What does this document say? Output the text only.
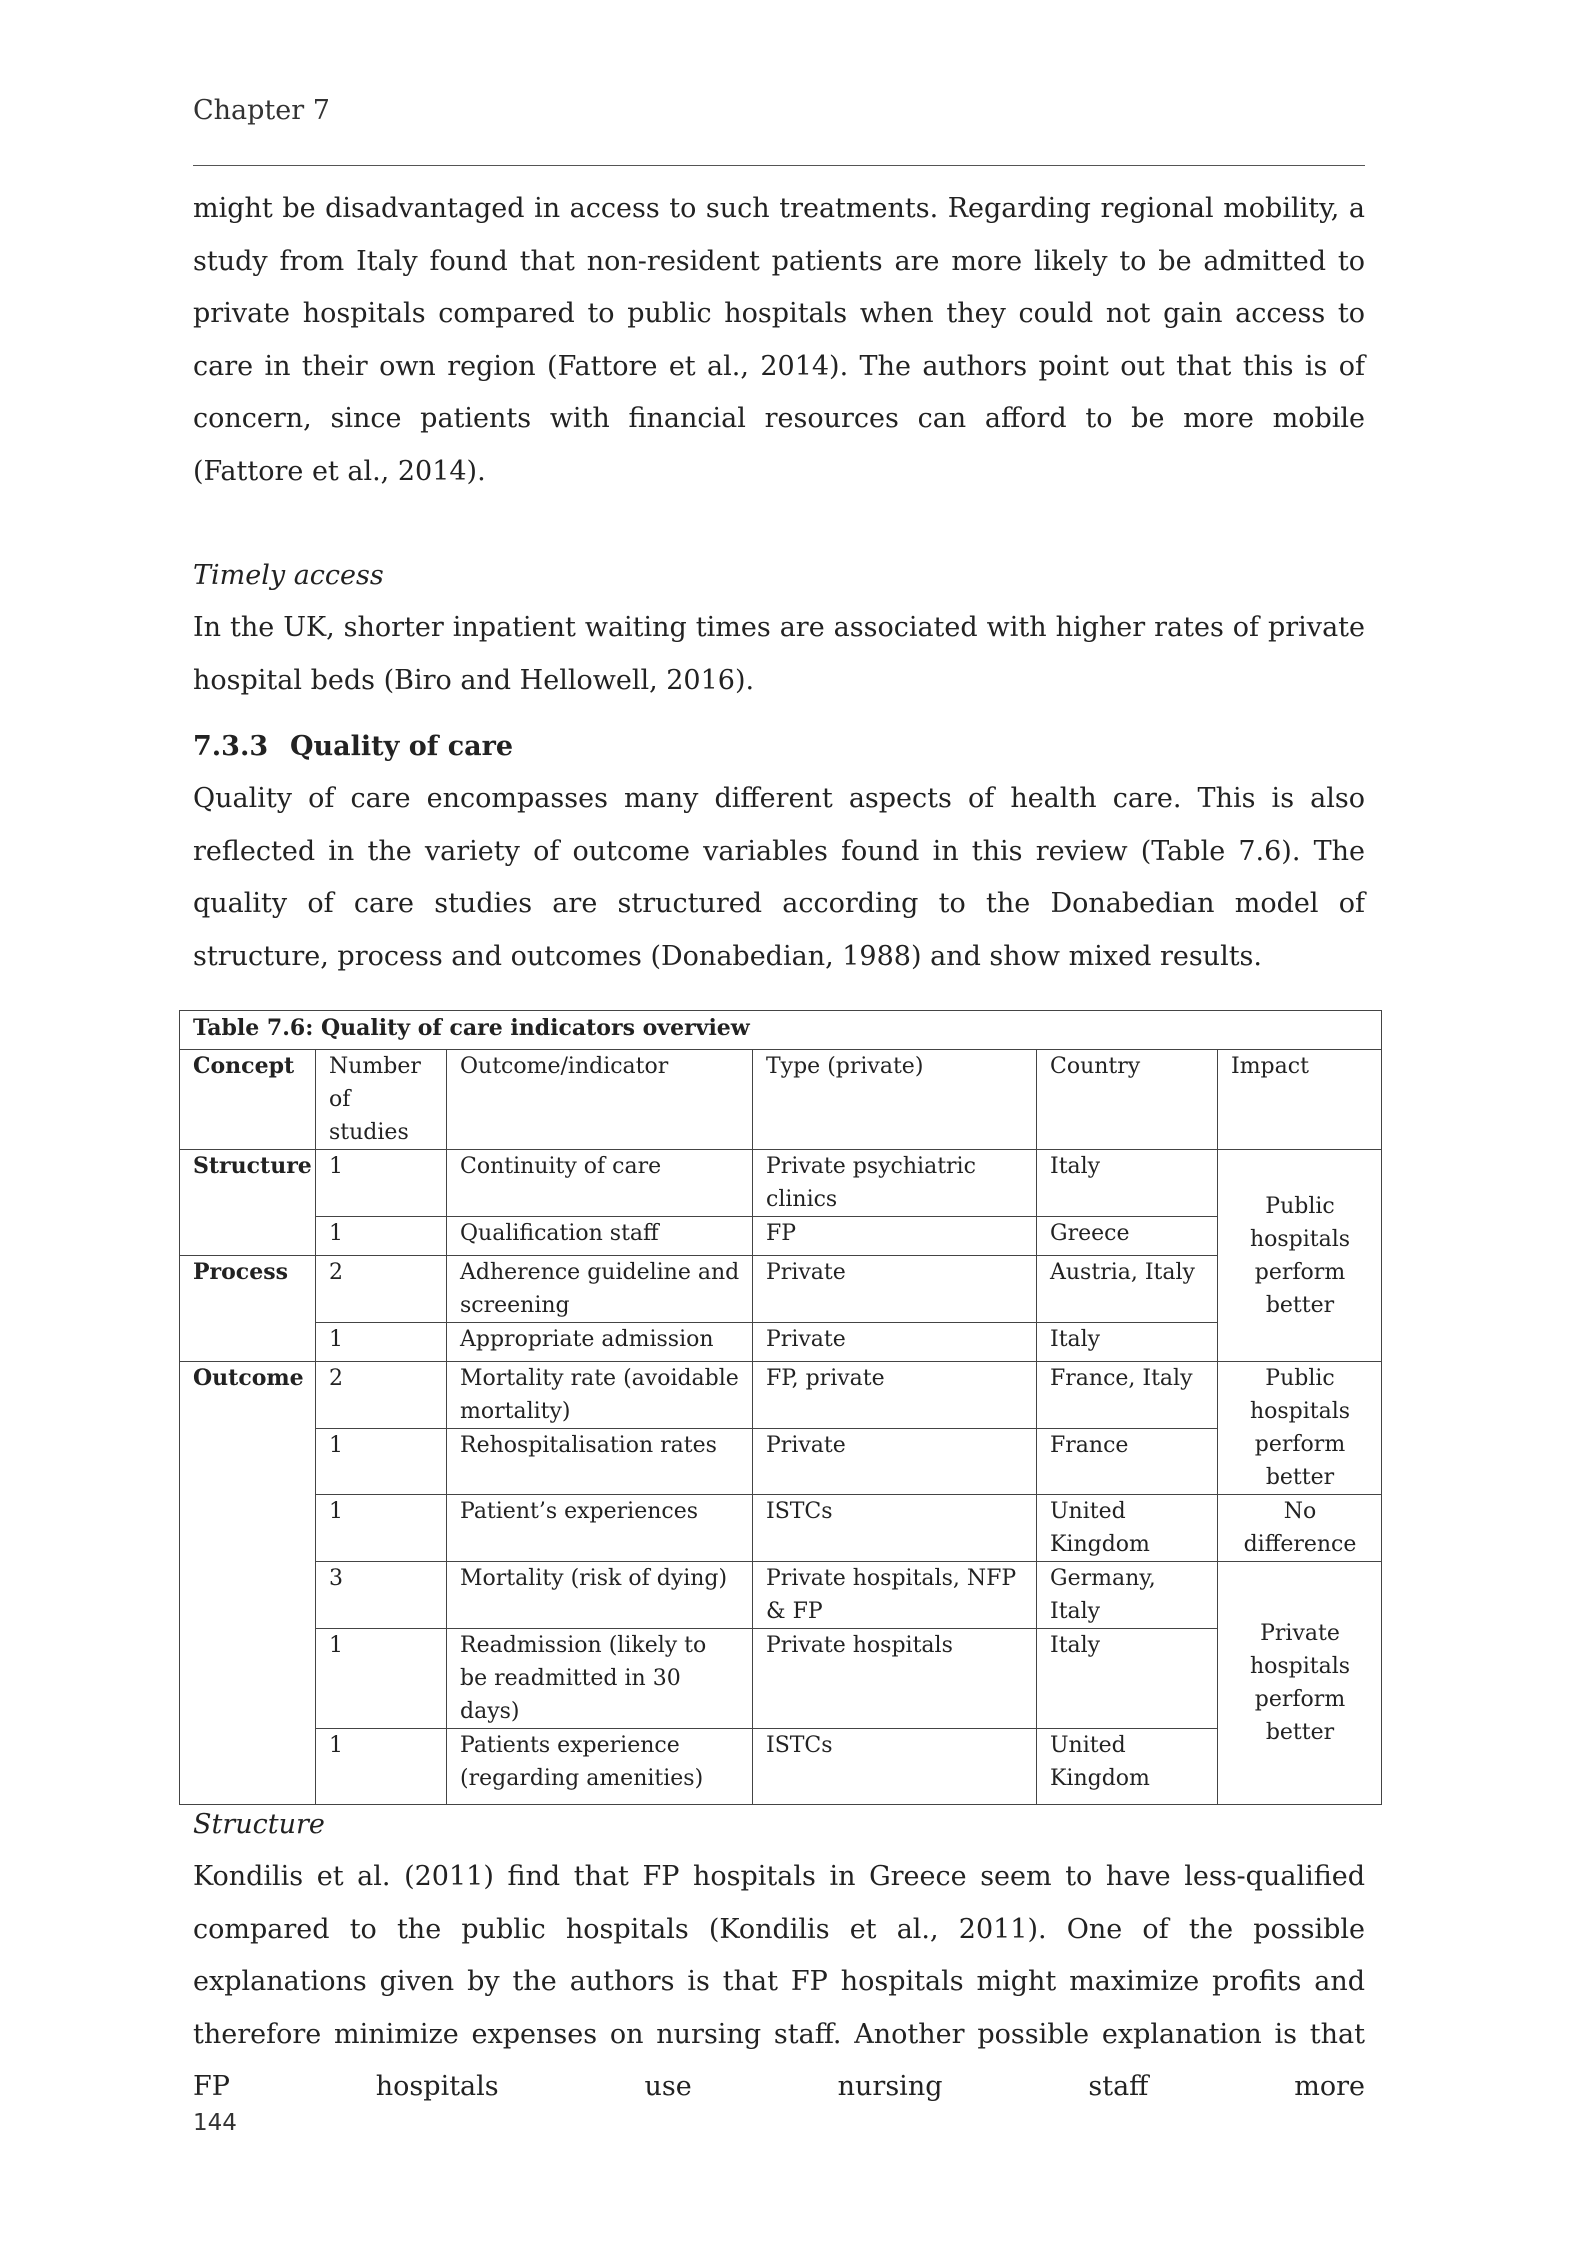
Chapter 7

might be disadvantaged in access to such treatments. Regarding regional mobility, a study from Italy found that non-resident patients are more likely to be admitted to private hospitals compared to public hospitals when they could not gain access to care in their own region (Fattore et al., 2014). The authors point out that this is of concern, since patients with financial resources can afford to be more mobile (Fattore et al., 2014).

Timely access

In the UK, shorter inpatient waiting times are associated with higher rates of private hospital beds (Biro and Hellowell, 2016).

7.3.3 Quality of care

Quality of care encompasses many different aspects of health care. This is also reflected in the variety of outcome variables found in this review (Table 7.6). The quality of care studies are structured according to the Donabedian model of structure, process and outcomes (Donabedian, 1988) and show mixed results.

Table 7.6: Quality of care indicators overview					
Concept	Number of studies	Outcome/indicator	Type (private)	Country	Impact
Structure	1	Continuity of care	Private psychiatric clinics	Italy	Public hospitals perform better
	1	Qualification staff	FP	Greece	
Process	2	Adherence guideline and screening	Private	Austria, Italy	
	1	Appropriate admission	Private	Italy	
Outcome	2	Mortality rate (avoidable mortality)	FP, private	France, Italy	Public hospitals perform better
	1	Rehospitalisation rates	Private	France	
	1	Patient’s experiences	ISTCs	United Kingdom	No difference
	3	Mortality (risk of dying)	Private hospitals, NFP & FP	Germany, Italy	Private hospitals perform better
	1	Readmission (likely to be readmitted in 30 days)	Private hospitals	Italy	
	1	Patients experience (regarding amenities)	ISTCs	United Kingdom	

Structure

Kondilis et al. (2011) find that FP hospitals in Greece seem to have less-qualified compared to the public hospitals (Kondilis et al., 2011). One of the possible explanations given by the authors is that FP hospitals might maximize profits and therefore minimize expenses on nursing staff. Another possible explanation is that FP hospitals use nursing staff more

144
